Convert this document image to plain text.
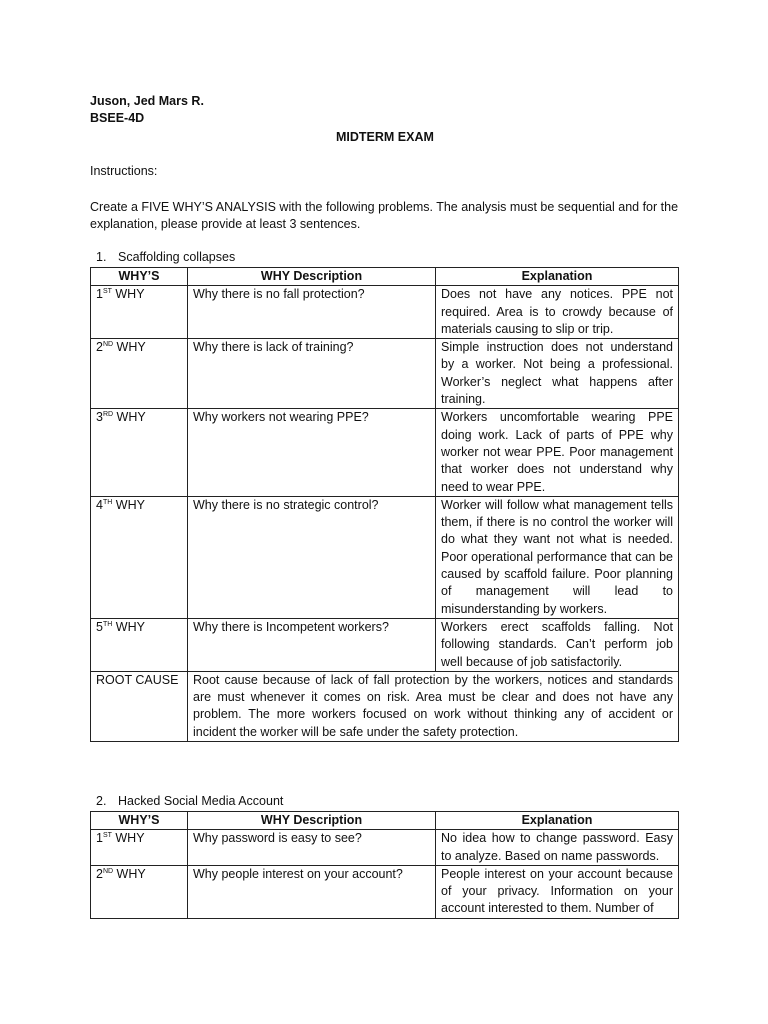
Juson, Jed Mars R.
BSEE-4D
MIDTERM EXAM
Instructions:
Create a FIVE WHY’S ANALYSIS with the following problems. The analysis must be sequential and for the explanation, please provide at least 3 sentences.
1. Scaffolding collapses
WHY’S	WHY Description	Explanation
1ST WHY	Why there is no fall protection?	Does not have any notices. PPE not required. Area is to crowdy because of materials causing to slip or trip.
2ND WHY	Why there is lack of training?	Simple instruction does not understand by a worker. Not being a professional. Worker’s neglect what happens after training.
3RD WHY	Why workers not wearing PPE?	Workers uncomfortable wearing PPE doing work. Lack of parts of PPE why worker not wear PPE. Poor management that worker does not understand why need to wear PPE.
4TH WHY	Why there is no strategic control?	Worker will follow what management tells them, if there is no control the worker will do what they want not what is needed. Poor operational performance that can be caused by scaffold failure. Poor planning of management will lead to misunderstanding by workers.
5TH WHY	Why there is Incompetent workers?	Workers erect scaffolds falling. Not following standards. Can’t perform job well because of job satisfactorily.
ROOT CAUSE	Root cause because of lack of fall protection by the workers, notices and standards are must whenever it comes on risk. Area must be clear and does not have any problem. The more workers focused on work without thinking any of accident or incident the worker will be safe under the safety protection.	
2. Hacked Social Media Account
WHY’S	WHY Description	Explanation
1ST WHY	Why password is easy to see?	No idea how to change password. Easy to analyze. Based on name passwords.
2ND WHY	Why people interest on your account?	People interest on your account because of your privacy. Information on your account interested to them. Number of
